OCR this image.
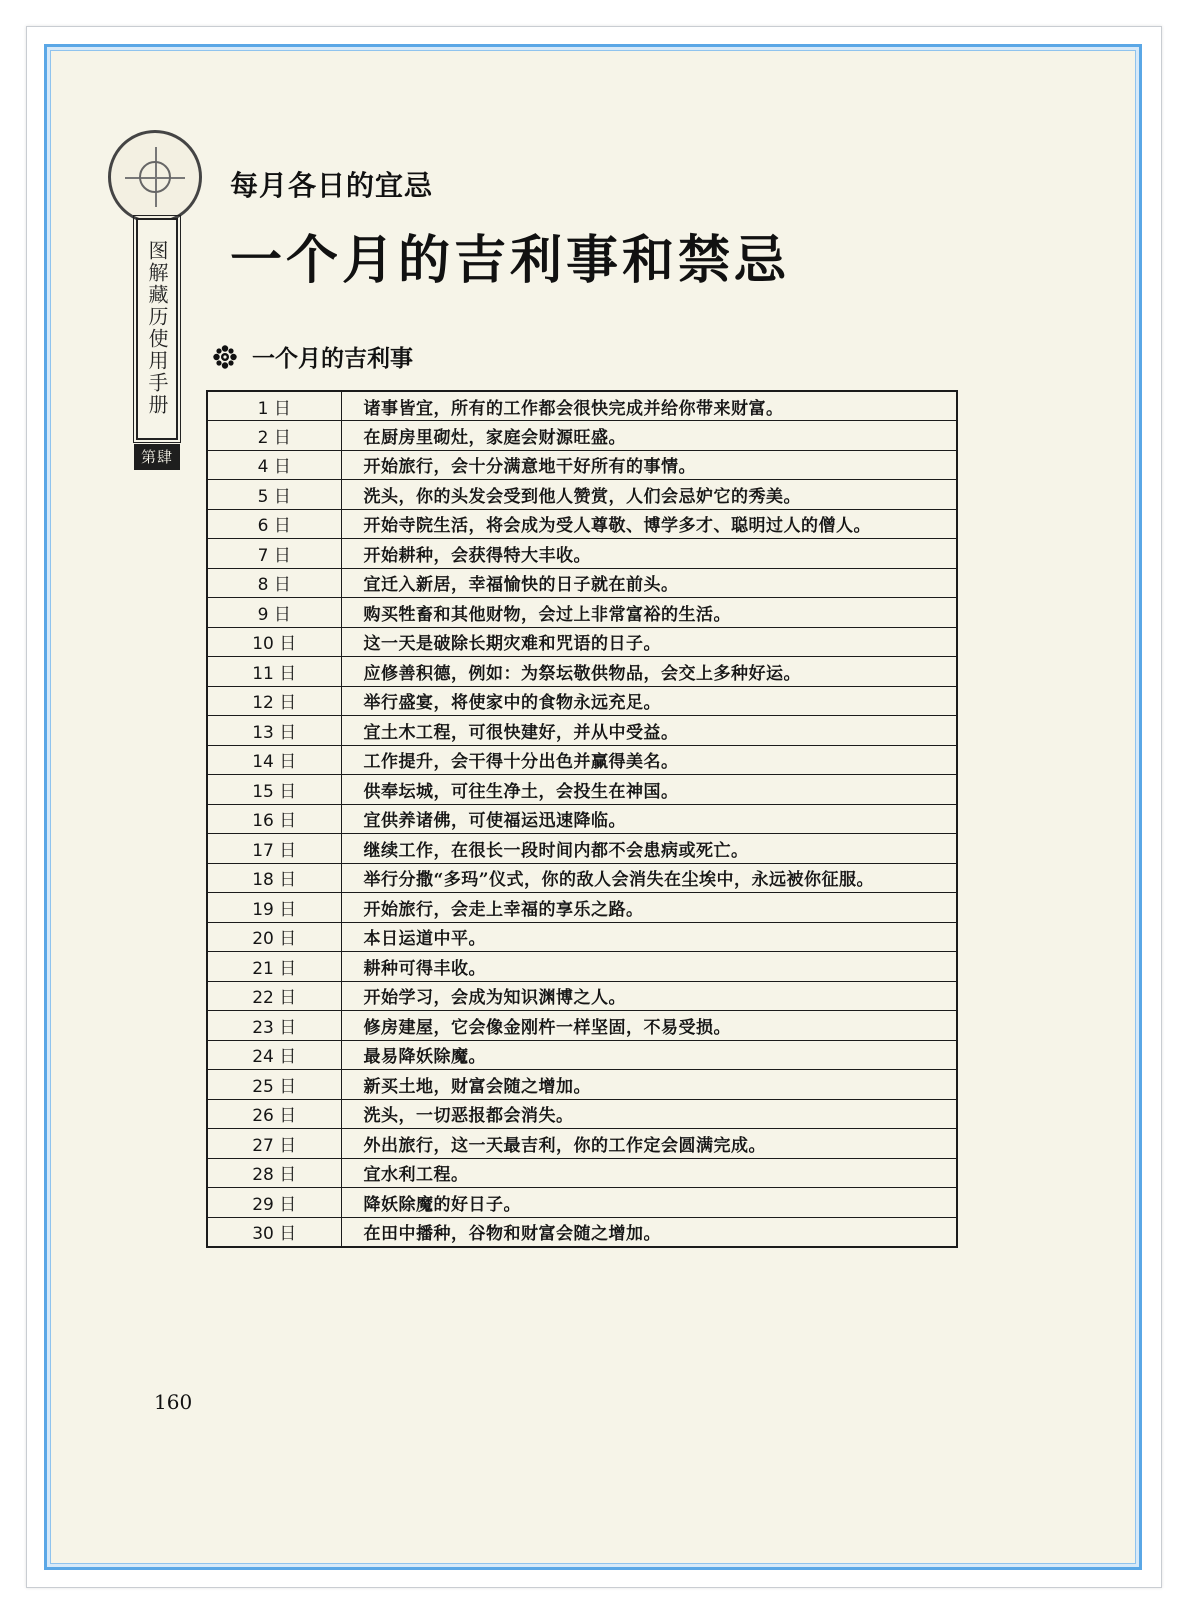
图解藏历使用手册
第肆章
每月各日的宜忌
一个月的吉利事和禁忌
一个月的吉利事
1 日	诸事皆宜，所有的工作都会很快完成并给你带来财富。
2 日	在厨房里砌灶，家庭会财源旺盛。
4 日	开始旅行，会十分满意地干好所有的事情。
5 日	洗头，你的头发会受到他人赞赏，人们会忌妒它的秀美。
6 日	开始寺院生活，将会成为受人尊敬、博学多才、聪明过人的僧人。
7 日	开始耕种，会获得特大丰收。
8 日	宜迁入新居，幸福愉快的日子就在前头。
9 日	购买牲畜和其他财物，会过上非常富裕的生活。
10 日	这一天是破除长期灾难和咒语的日子。
11 日	应修善积德，例如：为祭坛敬供物品，会交上多种好运。
12 日	举行盛宴，将使家中的食物永远充足。
13 日	宜土木工程，可很快建好，并从中受益。
14 日	工作提升，会干得十分出色并赢得美名。
15 日	供奉坛城，可往生净土，会投生在神国。
16 日	宜供养诸佛，可使福运迅速降临。
17 日	继续工作，在很长一段时间内都不会患病或死亡。
18 日	举行分撒“多玛”仪式，你的敌人会消失在尘埃中，永远被你征服。
19 日	开始旅行，会走上幸福的享乐之路。
20 日	本日运道中平。
21 日	耕种可得丰收。
22 日	开始学习，会成为知识渊博之人。
23 日	修房建屋，它会像金刚杵一样坚固，不易受损。
24 日	最易降妖除魔。
25 日	新买土地，财富会随之增加。
26 日	洗头，一切恶报都会消失。
27 日	外出旅行，这一天最吉利，你的工作定会圆满完成。
28 日	宜水利工程。
29 日	降妖除魔的好日子。
30 日	在田中播种，谷物和财富会随之增加。
160
